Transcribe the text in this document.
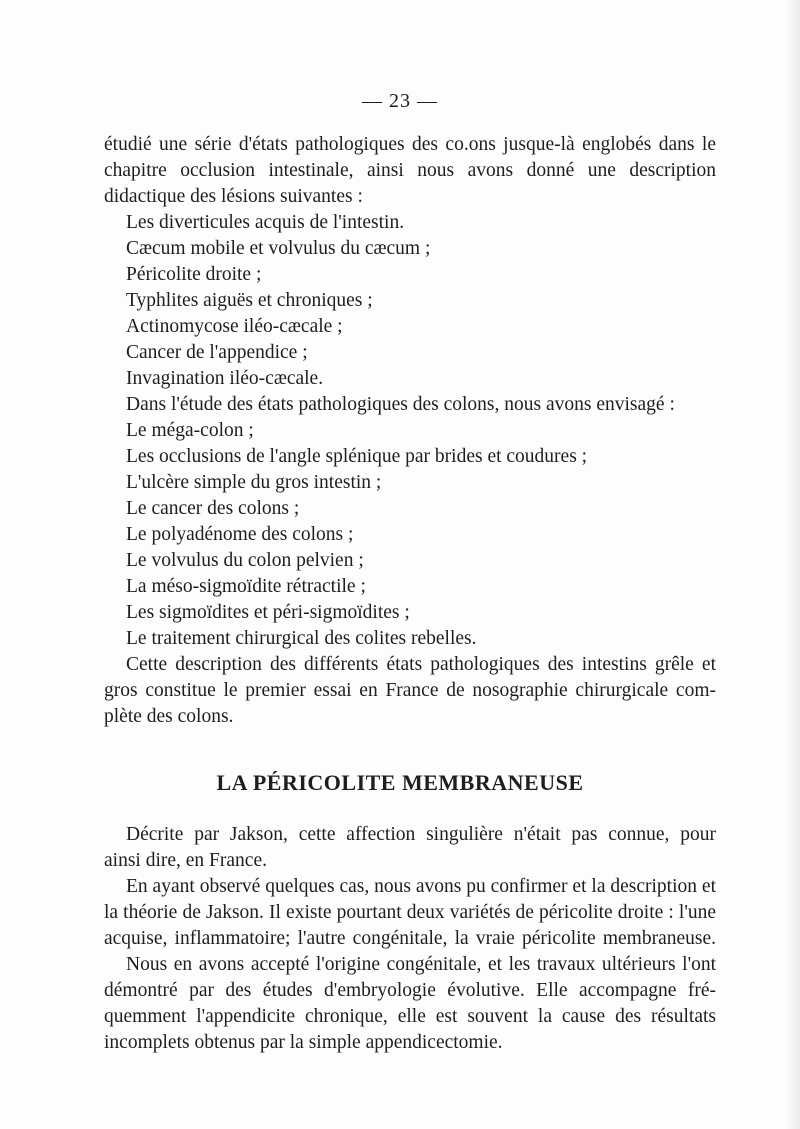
— 23 —
étudié une série d'états pathologiques des co.ons jusque-là englobés dans le
chapitre occlusion intestinale, ainsi nous avons donné une description
didactique des lésions suivantes :
Les diverticules acquis de l'intestin.
Cæcum mobile et volvulus du cæcum ;
Péricolite droite ;
Typhlites aiguës et chroniques ;
Actinomycose iléo-cæcale ;
Cancer de l'appendice ;
Invagination iléo-cæcale.
Dans l'étude des états pathologiques des colons, nous avons envisagé :
Le méga-colon ;
Les occlusions de l'angle splénique par brides et coudures ;
L'ulcère simple du gros intestin ;
Le cancer des colons ;
Le polyadénome des colons ;
Le volvulus du colon pelvien ;
La méso-sigmoïdite rétractile ;
Les sigmoïdites et péri-sigmoïdites ;
Le traitement chirurgical des colites rebelles.
Cette description des différents états pathologiques des intestins grêle et
gros constitue le premier essai en France de nosographie chirurgicale com-
plète des colons.
LA PÉRICOLITE MEMBRANEUSE
Décrite par Jakson, cette affection singulière n'était pas connue, pour
ainsi dire, en France.
En ayant observé quelques cas, nous avons pu confirmer et la description et
la théorie de Jakson. Il existe pourtant deux variétés de péricolite droite : l'une
acquise, inflammatoire; l'autre congénitale, la vraie péricolite membraneuse.
Nous en avons accepté l'origine congénitale, et les travaux ultérieurs l'ont
démontré par des études d'embryologie évolutive. Elle accompagne fré-
quemment l'appendicite chronique, elle est souvent la cause des résultats
incomplets obtenus par la simple appendicectomie.
